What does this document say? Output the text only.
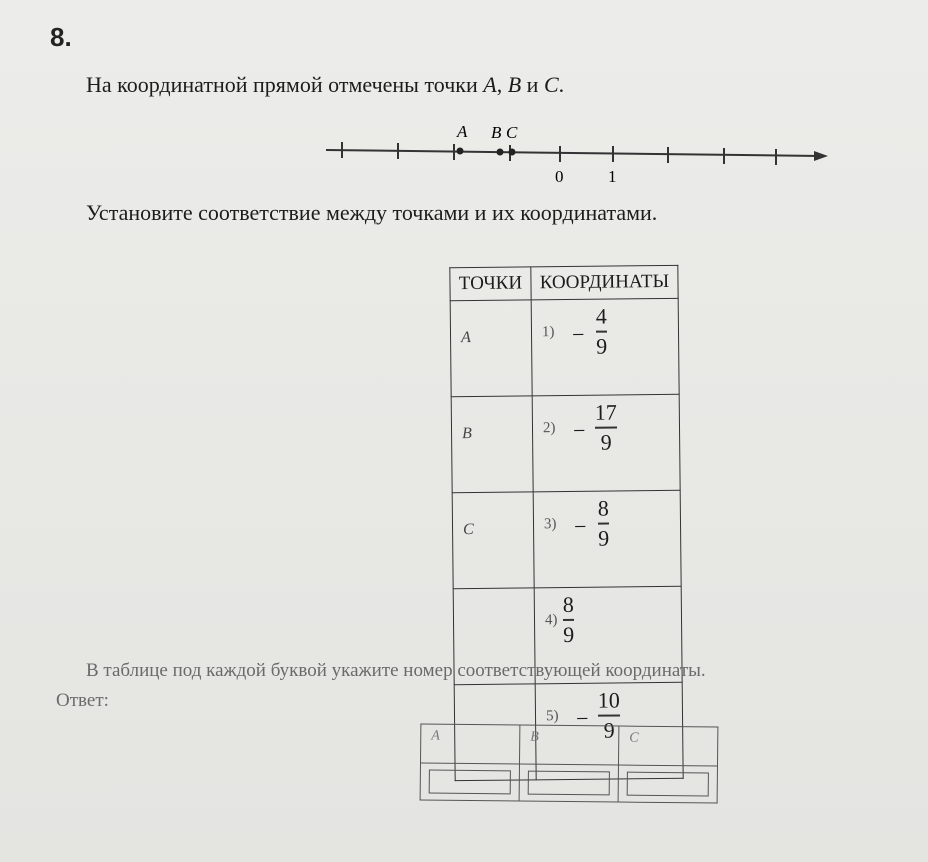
8.
На координатной прямой отмечены точки A, B и C.
A B C
0	1
Установите соответствие между точками и их координатами.
ТОЧКИ	КООРДИНАТЫ
A	1) −
4
9

B	2) −
17
9

C	3) −
8
9

	4)
8
9

	5) −
10
9
В таблице под каждой буквой укажите номер соответствующей координаты.
Ответ:
A	B	C
